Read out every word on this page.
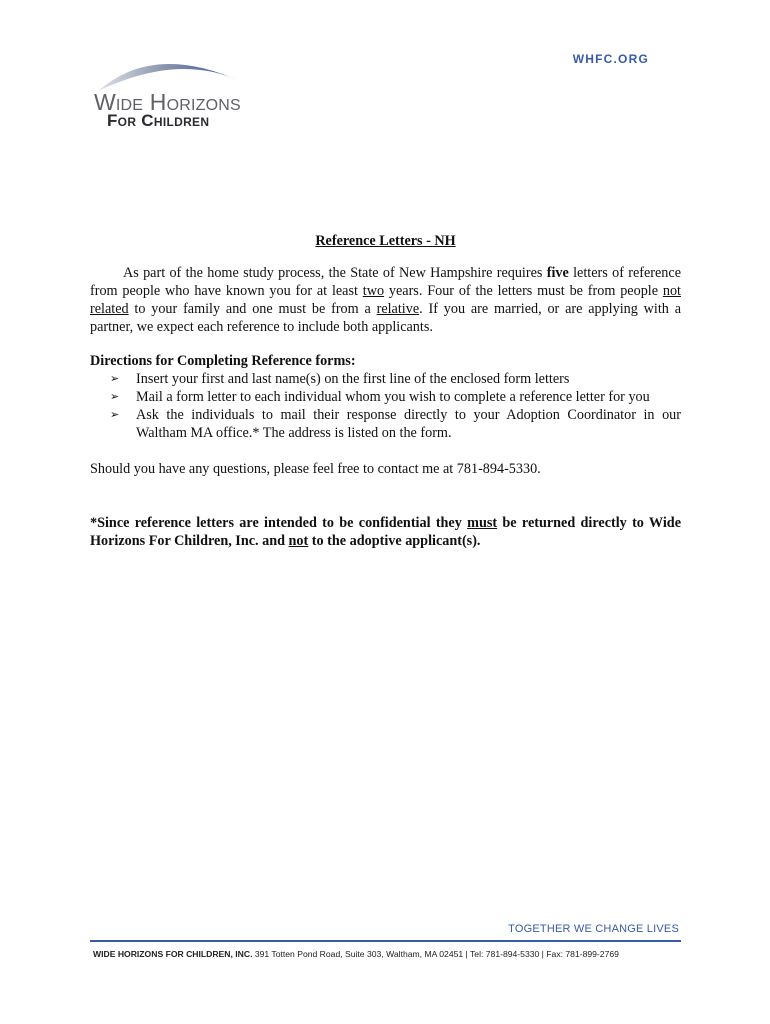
Wide Horizons
For Children
WHFC.ORG

Reference Letters - NH

As part of the home study process, the State of New Hampshire requires five letters of reference from people who have known you for at least two years. Four of the letters must be from people not related to your family and one must be from a relative. If you are married, or are applying with a partner, we expect each reference to include both applicants.

Directions for Completing Reference forms:

➢ Insert your first and last name(s) on the first line of the enclosed form letters
➢ Mail a form letter to each individual whom you wish to complete a reference letter for you
➢ Ask the individuals to mail their response directly to your Adoption Coordinator in our Waltham MA office.* The address is listed on the form.

Should you have any questions, please feel free to contact me at 781-894-5330.

*Since reference letters are intended to be confidential they must be returned directly to Wide Horizons For Children, Inc. and not to the adoptive applicant(s).

TOGETHER WE CHANGE LIVES
WIDE HORIZONS FOR CHILDREN, INC. 391 Totten Pond Road, Suite 303, Waltham, MA 02451 | Tel: 781-894-5330 | Fax: 781-899-2769
